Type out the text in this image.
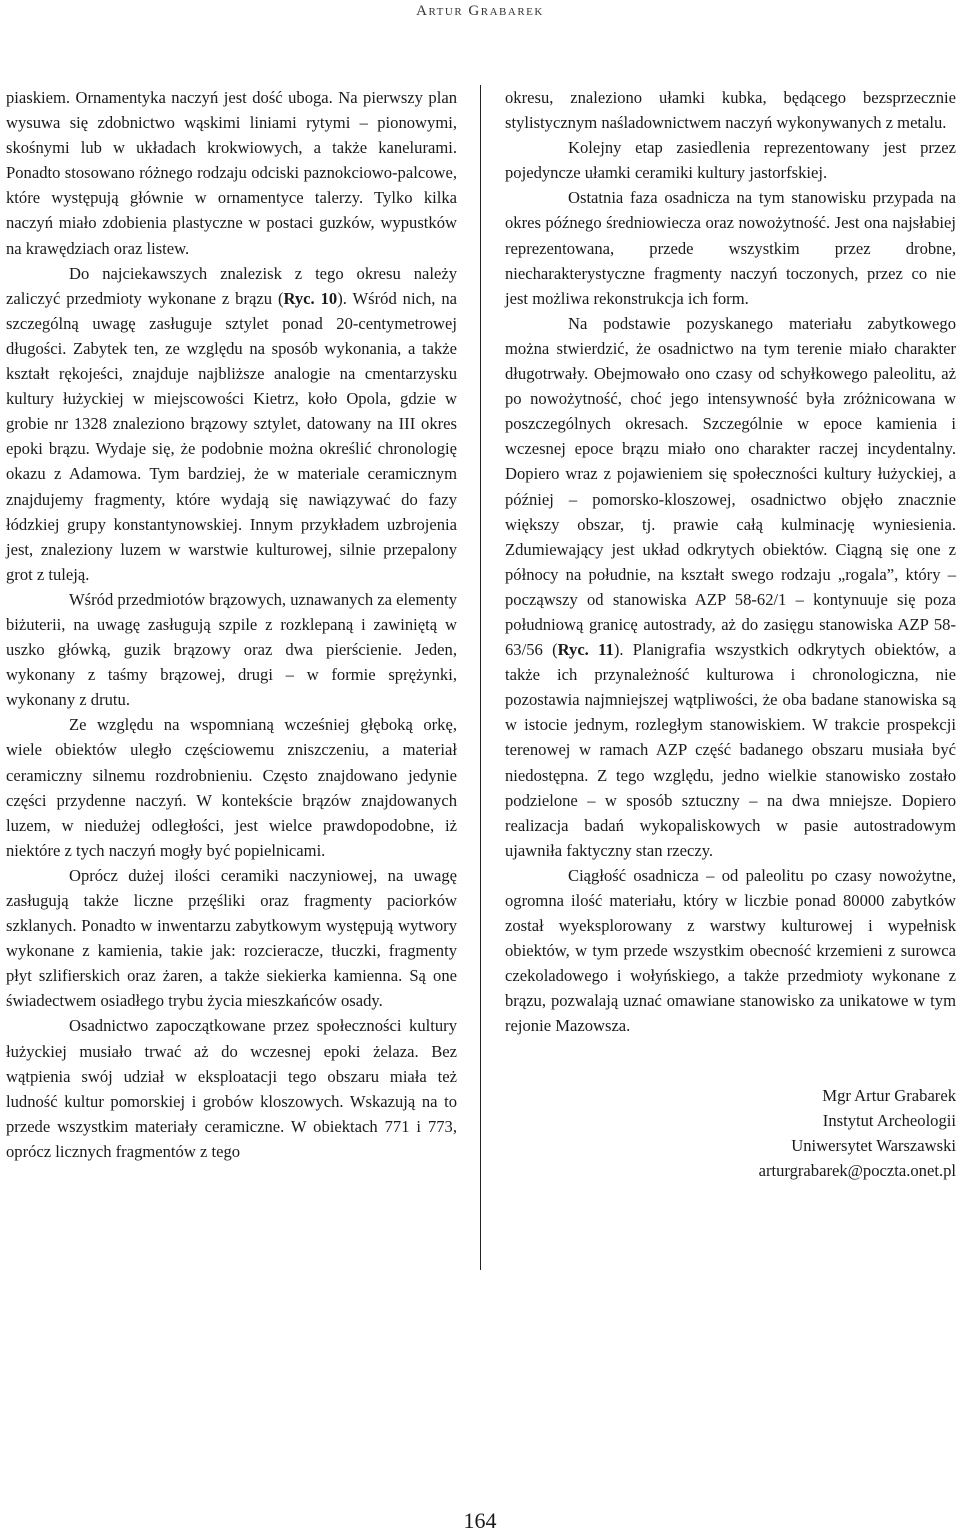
Artur Grabarek

piaskiem. Ornamentyka naczyń jest dość uboga. Na pierwszy plan wysuwa się zdobnictwo wąskimi liniami rytymi – pionowymi, skośnymi lub w układach krokwiowych, a także kanelurami. Ponadto stosowano różnego rodzaju odciski paznokciowo-palcowe, które występują głównie w ornamentyce talerzy. Tylko kilka naczyń miało zdobienia plastyczne w postaci guzków, wypustków na krawędziach oraz listew.

Do najciekawszych znalezisk z tego okresu należy zaliczyć przedmioty wykonane z brązu (Ryc. 10). Wśród nich, na szczególną uwagę zasługuje sztylet ponad 20-centymetrowej długości. Zabytek ten, ze względu na sposób wykonania, a także kształt rękojeści, znajduje najbliższe analogie na cmentarzysku kultury łużyckiej w miejscowości Kietrz, koło Opola, gdzie w grobie nr 1328 znaleziono brązowy sztylet, datowany na III okres epoki brązu. Wydaje się, że podobnie można określić chronologię okazu z Adamowa. Tym bardziej, że w materiale ceramicznym znajdujemy fragmenty, które wydają się nawiązywać do fazy łódzkiej grupy konstantynowskiej. Innym przykładem uzbrojenia jest, znaleziony luzem w warstwie kulturowej, silnie przepalony grot z tuleją.

Wśród przedmiotów brązowych, uznawanych za elementy biżuterii, na uwagę zasługują szpile z rozklepaną i zawiniętą w uszko główką, guzik brązowy oraz dwa pierścienie. Jeden, wykonany z taśmy brązowej, drugi – w formie sprężynki, wykonany z drutu.

Ze względu na wspomnianą wcześniej głęboką orkę, wiele obiektów uległo częściowemu zniszczeniu, a materiał ceramiczny silnemu rozdrobnieniu. Często znajdowano jedynie części przydenne naczyń. W kontekście brązów znajdowanych luzem, w niedużej odległości, jest wielce prawdopodobne, iż niektóre z tych naczyń mogły być popielnicami.

Oprócz dużej ilości ceramiki naczyniowej, na uwagę zasługują także liczne przęśliki oraz fragmenty paciorków szklanych. Ponadto w inwentarzu zabytkowym występują wytwory wykonane z kamienia, takie jak: rozcieracze, tłuczki, fragmenty płyt szlifierskich oraz żaren, a także siekierka kamienna. Są one świadectwem osiadłego trybu życia mieszkańców osady.

Osadnictwo zapoczątkowane przez społeczności kultury łużyckiej musiało trwać aż do wczesnej epoki żelaza. Bez wątpienia swój udział w eksploatacji tego obszaru miała też ludność kultur pomorskiej i grobów kloszowych. Wskazują na to przede wszystkim materiały ceramiczne. W obiektach 771 i 773, oprócz licznych fragmentów z tego

okresu, znaleziono ułamki kubka, będącego bezsprzecznie stylistycznym naśladownictwem naczyń wykonywanych z metalu.

Kolejny etap zasiedlenia reprezentowany jest przez pojedyncze ułamki ceramiki kultury jastorfskiej.

Ostatnia faza osadnicza na tym stanowisku przypada na okres późnego średniowiecza oraz nowożytność. Jest ona najsłabiej reprezentowana, przede wszystkim przez drobne, niecharakterystyczne fragmenty naczyń toczonych, przez co nie jest możliwa rekonstrukcja ich form.

Na podstawie pozyskanego materiału zabytkowego można stwierdzić, że osadnictwo na tym terenie miało charakter długotrwały. Obejmowało ono czasy od schyłkowego paleolitu, aż po nowożytność, choć jego intensywność była zróżnicowana w poszczególnych okresach. Szczególnie w epoce kamienia i wczesnej epoce brązu miało ono charakter raczej incydentalny. Dopiero wraz z pojawieniem się społeczności kultury łużyckiej, a później – pomorsko-kloszowej, osadnictwo objęło znacznie większy obszar, tj. prawie całą kulminację wyniesienia. Zdumiewający jest układ odkrytych obiektów. Ciągną się one z północy na południe, na kształt swego rodzaju „rogala”, który – począwszy od stanowiska AZP 58-62/1 – kontynuuje się poza południową granicę autostrady, aż do zasięgu stanowiska AZP 58-63/56 (Ryc. 11). Planigrafia wszystkich odkrytych obiektów, a także ich przynależność kulturowa i chronologiczna, nie pozostawia najmniejszej wątpliwości, że oba badane stanowiska są w istocie jednym, rozległym stanowiskiem. W trakcie prospekcji terenowej w ramach AZP część badanego obszaru musiała być niedostępna. Z tego względu, jedno wielkie stanowisko zostało podzielone – w sposób sztuczny – na dwa mniejsze. Dopiero realizacja badań wykopaliskowych w pasie autostradowym ujawniła faktyczny stan rzeczy.

Ciągłość osadnicza – od paleolitu po czasy nowożytne, ogromna ilość materiału, który w liczbie ponad 80000 zabytków został wyeksplorowany z warstwy kulturowej i wypełnisk obiektów, w tym przede wszystkim obecność krzemieni z surowca czekoladowego i wołyńskiego, a także przedmioty wykonane z brązu, pozwalają uznać omawiane stanowisko za unikatowe w tym rejonie Mazowsza.

Mgr Artur Grabarek
Instytut Archeologii
Uniwersytet Warszawski
arturgrabarek@poczta.onet.pl
164
